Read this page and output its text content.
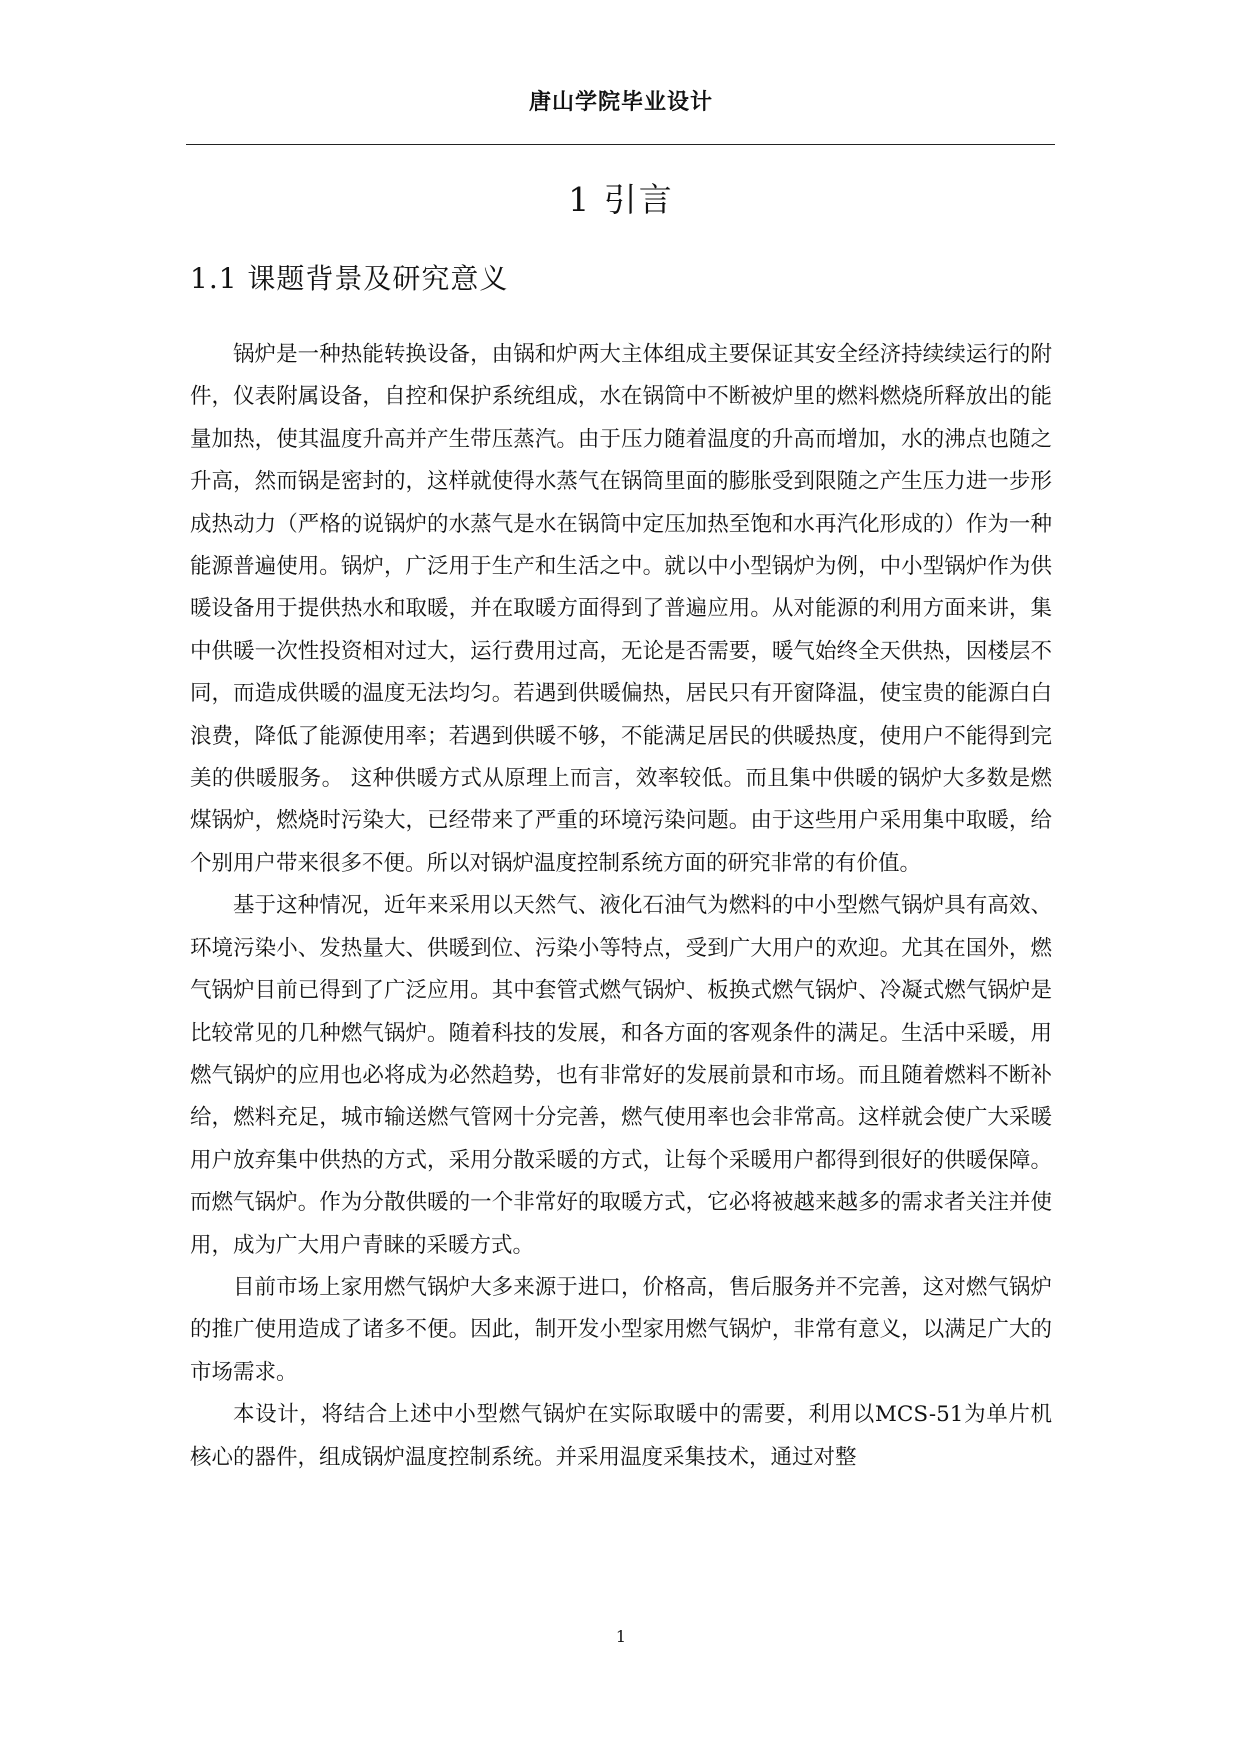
唐山学院毕业设计
1 引言
1.1 课题背景及研究意义

锅炉是一种热能转换设备，由锅和炉两大主体组成主要保证其安全经济持续续运行的附件，仪表附属设备，自控和保护系统组成，水在锅筒中不断被炉里的燃料燃烧所释放出的能量加热，使其温度升高并产生带压蒸汽。由于压力随着温度的升高而增加，水的沸点也随之升高，然而锅是密封的，这样就使得水蒸气在锅筒里面的膨胀受到限随之产生压力进一步形成热动力（严格的说锅炉的水蒸气是水在锅筒中定压加热至饱和水再汽化形成的）作为一种能源普遍使用。锅炉，广泛用于生产和生活之中。就以中小型锅炉为例，中小型锅炉作为供暖设备用于提供热水和取暖，并在取暖方面得到了普遍应用。从对能源的利用方面来讲，集中供暖一次性投资相对过大，运行费用过高，无论是否需要，暖气始终全天供热，因楼层不同，而造成供暖的温度无法均匀。若遇到供暖偏热，居民只有开窗降温，使宝贵的能源白白浪费，降低了能源使用率；若遇到供暖不够，不能满足居民的供暖热度，使用户不能得到完美的供暖服务。 这种供暖方式从原理上而言，效率较低。而且集中供暖的锅炉大多数是燃煤锅炉，燃烧时污染大，已经带来了严重的环境污染问题。由于这些用户采用集中取暖，给个别用户带来很多不便。所以对锅炉温度控制系统方面的研究非常的有价值。

基于这种情况，近年来采用以天然气、液化石油气为燃料的中小型燃气锅炉具有高效、环境污染小、发热量大、供暖到位、污染小等特点，受到广大用户的欢迎。尤其在国外，燃气锅炉目前已得到了广泛应用。其中套管式燃气锅炉、板换式燃气锅炉、冷凝式燃气锅炉是比较常见的几种燃气锅炉。随着科技的发展，和各方面的客观条件的满足。生活中采暖，用燃气锅炉的应用也必将成为必然趋势，也有非常好的发展前景和市场。而且随着燃料不断补给，燃料充足，城市输送燃气管网十分完善，燃气使用率也会非常高。这样就会使广大采暖用户放弃集中供热的方式，采用分散采暖的方式，让每个采暖用户都得到很好的供暖保障。而燃气锅炉。作为分散供暖的一个非常好的取暖方式，它必将被越来越多的需求者关注并使用，成为广大用户青睐的采暖方式。

目前市场上家用燃气锅炉大多来源于进口，价格高，售后服务并不完善，这对燃气锅炉的推广使用造成了诸多不便。因此，制开发小型家用燃气锅炉，非常有意义，以满足广大的市场需求。

本设计，将结合上述中小型燃气锅炉在实际取暖中的需要，利用以MCS-51为单片机核心的器件，组成锅炉温度控制系统。并采用温度采集技术，通过对整

1
